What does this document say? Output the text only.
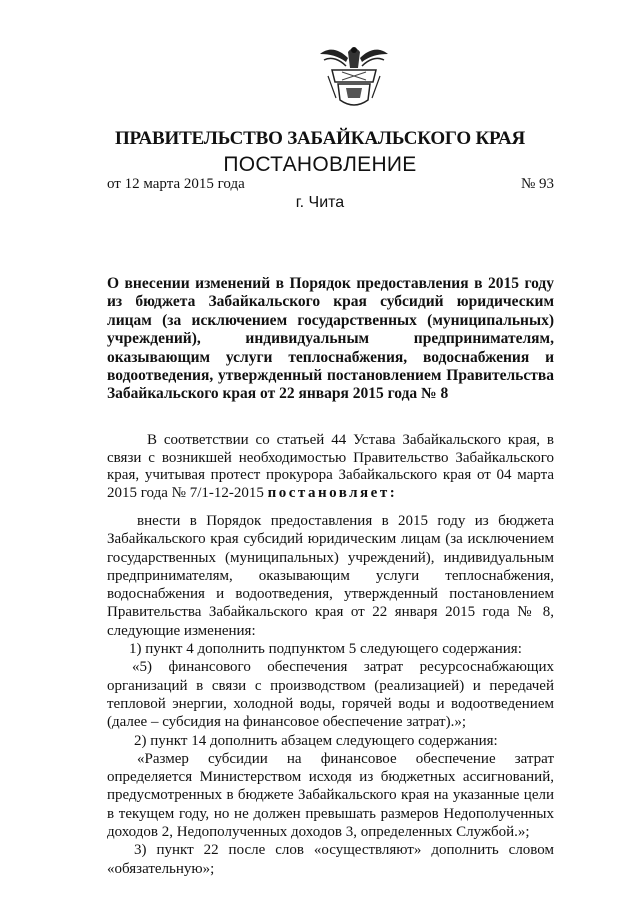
ПРАВИТЕЛЬСТВО ЗАБАЙКАЛЬСКОГО КРАЯ
ПОСТАНОВЛЕНИЕ
от 12 марта 2015 года	№ 93
г. Чита
О внесении изменений в Порядок предоставления в 2015 году из бюджета Забайкальского края субсидий юридическим лицам (за исключением государственных (муниципальных) учреждений), индивидуальным предпринимателям, оказывающим услуги теплоснабжения, водоснабжения и водоотведения, утвержденный постановлением Правительства Забайкальского края от 22 января 2015 года № 8
В соответствии со статьей 44 Устава Забайкальского края, в связи с возникшей необходимостью Правительство Забайкальского края, учитывая протест прокурора Забайкальского края от 04 марта 2015 года № 7/1-12-2015 постановляет:

внести в Порядок предоставления в 2015 году из бюджета Забайкальского края субсидий юридическим лицам (за исключением государственных (муниципальных) учреждений), индивидуальным предпринимателям, оказывающим услуги теплоснабжения, водоснабжения и водоотведения, утвержденный постановлением Правительства Забайкальского края от 22 января 2015 года № 8, следующие изменения:

1) пункт 4 дополнить подпунктом 5 следующего содержания:

«5) финансового обеспечения затрат ресурсоснабжающих организаций в связи с производством (реализацией) и передачей тепловой энергии, холодной воды, горячей воды и водоотведением (далее – субсидия на финансовое обеспечение затрат).»;

2) пункт 14 дополнить абзацем следующего содержания:

«Размер субсидии на финансовое обеспечение затрат определяется Министерством исходя из бюджетных ассигнований, предусмотренных в бюджете Забайкальского края на указанные цели в текущем году, но не должен превышать размеров Недополученных доходов 2, Недополученных доходов 3, определенных Службой.»;

3) пункт 22 после слов «осуществляют» дополнить словом «обязательную»;
